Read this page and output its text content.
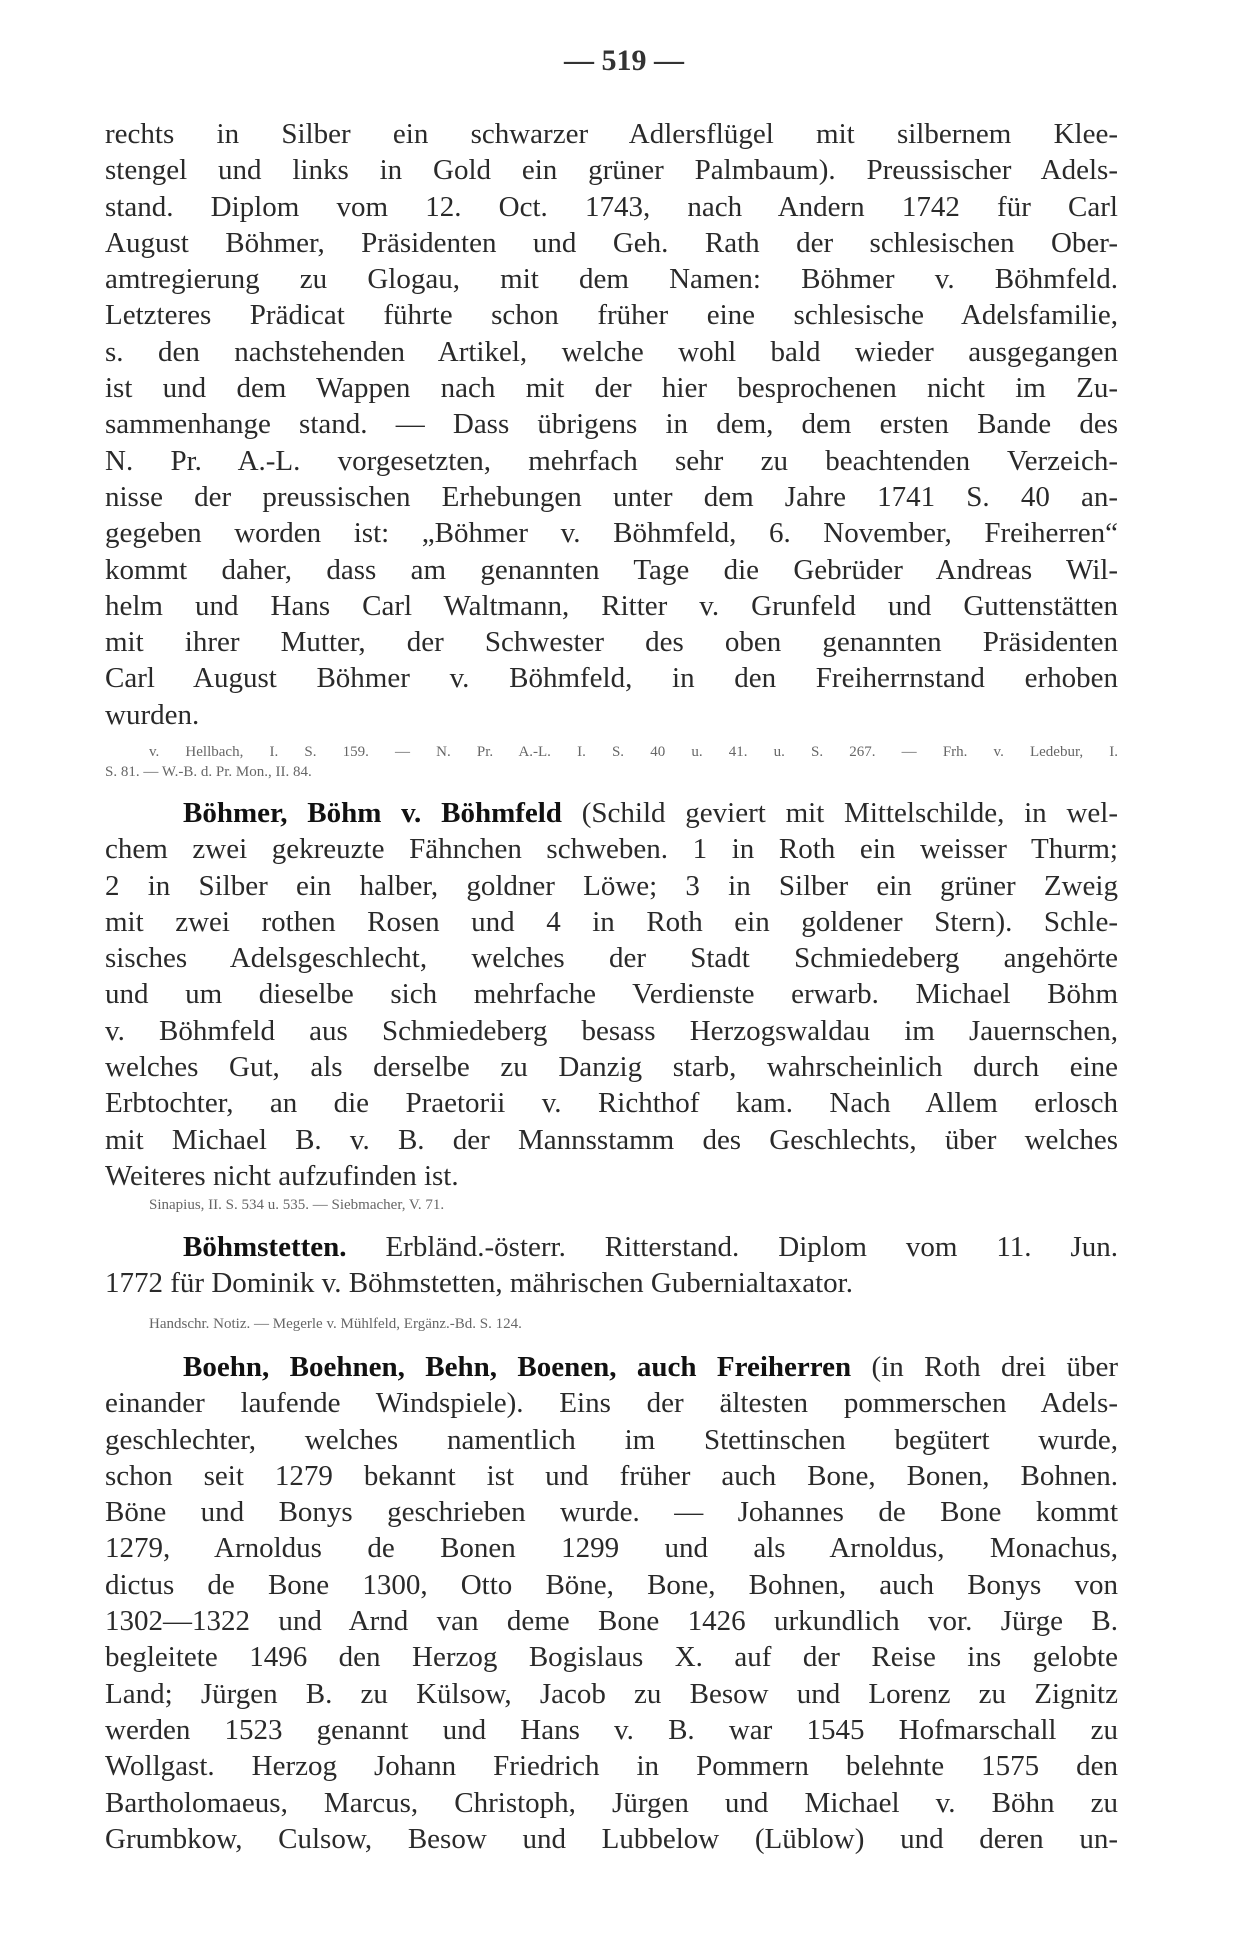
— 519 —
rechts in Silber ein schwarzer Adlersflügel mit silbernem Klee-
stengel und links in Gold ein grüner Palmbaum). Preussischer Adels-
stand. Diplom vom 12. Oct. 1743, nach Andern 1742 für Carl
August Böhmer, Präsidenten und Geh. Rath der schlesischen Ober-
amtregierung zu Glogau, mit dem Namen: Böhmer v. Böhmfeld.
Letzteres Prädicat führte schon früher eine schlesische Adelsfamilie,
s. den nachstehenden Artikel, welche wohl bald wieder ausgegangen
ist und dem Wappen nach mit der hier besprochenen nicht im Zu-
sammenhange stand. — Dass übrigens in dem, dem ersten Bande des
N. Pr. A.-L. vorgesetzten, mehrfach sehr zu beachtenden Verzeich-
nisse der preussischen Erhebungen unter dem Jahre 1741 S. 40 an-
gegeben worden ist: „Böhmer v. Böhmfeld, 6. November, Freiherren“
kommt daher, dass am genannten Tage die Gebrüder Andreas Wil-
helm und Hans Carl Waltmann, Ritter v. Grunfeld und Guttenstätten
mit ihrer Mutter, der Schwester des oben genannten Präsidenten
Carl August Böhmer v. Böhmfeld, in den Freiherrnstand erhoben
wurden.
v. Hellbach, I. S. 159. — N. Pr. A.-L. I. S. 40 u. 41. u. S. 267. — Frh. v. Ledebur, I.
S. 81. — W.-B. d. Pr. Mon., II. 84.
Böhmer, Böhm v. Böhmfeld (Schild geviert mit Mittelschilde, in wel-
chem zwei gekreuzte Fähnchen schweben. 1 in Roth ein weisser Thurm;
2 in Silber ein halber, goldner Löwe; 3 in Silber ein grüner Zweig
mit zwei rothen Rosen und 4 in Roth ein goldener Stern). Schle-
sisches Adelsgeschlecht, welches der Stadt Schmiedeberg angehörte
und um dieselbe sich mehrfache Verdienste erwarb. Michael Böhm
v. Böhmfeld aus Schmiedeberg besass Herzogswaldau im Jauernschen,
welches Gut, als derselbe zu Danzig starb, wahrscheinlich durch eine
Erbtochter, an die Praetorii v. Richthof kam. Nach Allem erlosch
mit Michael B. v. B. der Mannsstamm des Geschlechts, über welches
Weiteres nicht aufzufinden ist.
Sinapius, II. S. 534 u. 535. — Siebmacher, V. 71.
Böhmstetten. Erbländ.-österr. Ritterstand. Diplom vom 11. Jun.
1772 für Dominik v. Böhmstetten, mährischen Gubernialtaxator.
Handschr. Notiz. — Megerle v. Mühlfeld, Ergänz.-Bd. S. 124.
Boehn, Boehnen, Behn, Boenen, auch Freiherren (in Roth drei über
einander laufende Windspiele). Eins der ältesten pommerschen Adels-
geschlechter, welches namentlich im Stettinschen begütert wurde,
schon seit 1279 bekannt ist und früher auch Bone, Bonen, Bohnen.
Böne und Bonys geschrieben wurde. — Johannes de Bone kommt
1279, Arnoldus de Bonen 1299 und als Arnoldus, Monachus,
dictus de Bone 1300, Otto Böne, Bone, Bohnen, auch Bonys von
1302—1322 und Arnd van deme Bone 1426 urkundlich vor. Jürge B.
begleitete 1496 den Herzog Bogislaus X. auf der Reise ins gelobte
Land; Jürgen B. zu Külsow, Jacob zu Besow und Lorenz zu Zignitz
werden 1523 genannt und Hans v. B. war 1545 Hofmarschall zu
Wollgast. Herzog Johann Friedrich in Pommern belehnte 1575 den
Bartholomaeus, Marcus, Christoph, Jürgen und Michael v. Böhn zu
Grumbkow, Culsow, Besow und Lubbelow (Lüblow) und deren un-
